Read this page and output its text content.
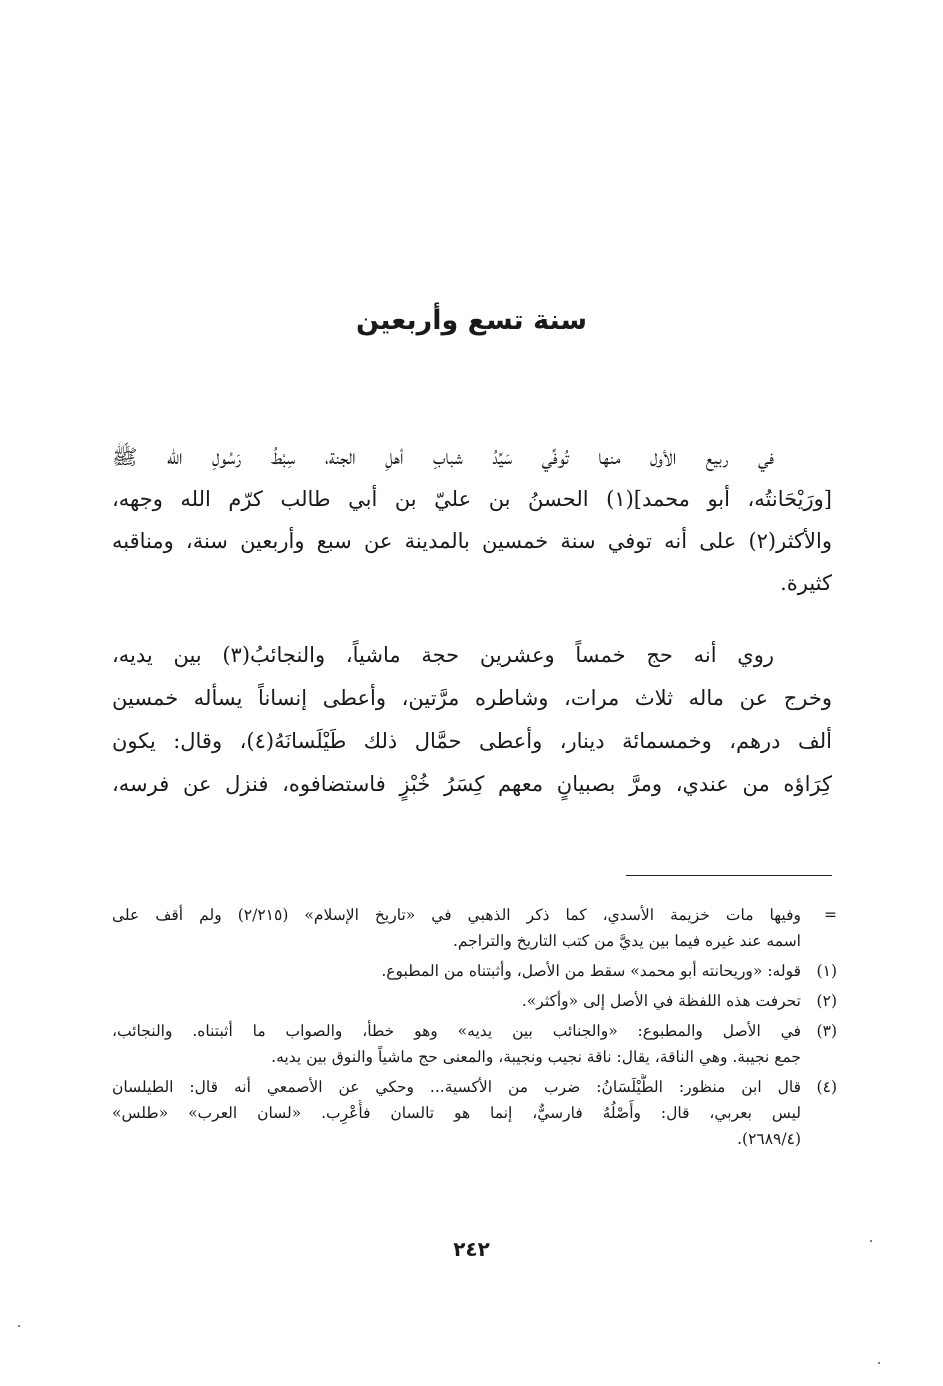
سنة تسع وأربعين
في ربيع الأول منها تُوفِّي سَيِّدُ شبابِ أهلِ الجنة، سِبْطُ رَسُولِ الله ﷺ
[ورَيْحَانتُه، أبو محمد](١) الحسنُ بن عليّ بن أبي طالب كرّم الله وجهه،
والأكثر(٢) على أنه توفي سنة خمسين بالمدينة عن سبع وأربعين سنة، ومناقبه
كثيرة.
روي أنه حج خمساً وعشرين حجة ماشياً، والنجائبُ(٣) بين يديه،
وخرج عن ماله ثلاث مرات، وشاطره مرَّتين، وأعطى إنساناً يسأله خمسين
ألف درهم، وخمسمائة دينار، وأعطى حمَّال ذلك طَيْلَسانَهُ(٤)، وقال: يكون
كِرَاؤه من عندي، ومرَّ بصبيانٍ معهم كِسَرُ خُبْزٍ فاستضافوه، فنزل عن فرسه،
=
وفيها مات خزيمة الأسدي، كما ذكر الذهبي في «تاريخ الإسلام» (٢/٢١٥) ولم أقف على
اسمه عند غيره فيما بين يديَّ من كتب التاريخ والتراجم.
(١)
قوله: «وريحانته أبو محمد» سقط من الأصل، وأثبتناه من المطبوع.
(٢)
تحرفت هذه اللفظة في الأصل إلى «وأكثر».
(٣)
في الأصل والمطبوع: «والجنائب بين يديه» وهو خطأ، والصواب ما أثبتناه. والنجائب،
جمع نجيبة. وهي الناقة، يقال: ناقة نجيب ونجيبة، والمعنى حج ماشياً والنوق بين يديه.
(٤)
قال ابن منظور: الطَّيْلَسَانُ: ضرب من الأكسية... وحكي عن الأصمعي أنه قال: الطيلسان
ليس بعربي، قال: وأَصْلُهُ فارسيٌّ، إنما هو تالسان فأُعْرِب. «لسان العرب» «طلس»
(٢٦٨٩/٤).
٢٤٢
